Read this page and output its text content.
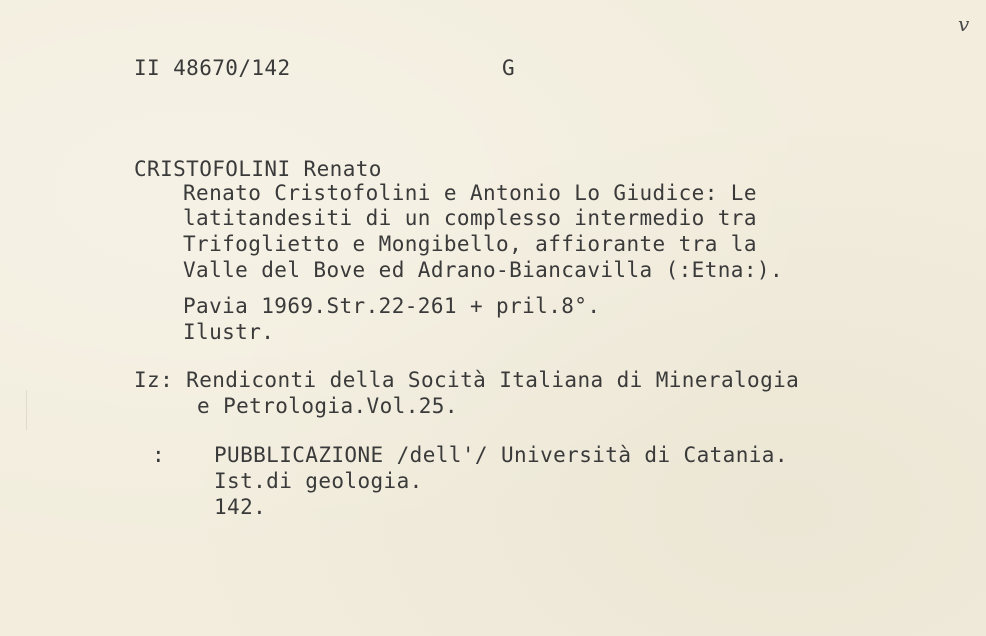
II 48670/142	G

v

CRISTOFOLINI Renato

Renato Cristofolini e Antonio Lo Giudice: Le

latitandesiti di un complesso intermedio tra

Trifoglietto e Mongibello, affiorante tra la

Valle del Bove ed Adrano-Biancavilla (:Etna:).

Pavia 1969.Str.22-261 + pril.8°.

Ilustr.

Iz: Rendiconti della Socità Italiana di Mineralogia

e Petrologia.Vol.25.

: PUBBLICAZIONE /dell'/ Università di Catania.

Ist.di geologia.

142.
